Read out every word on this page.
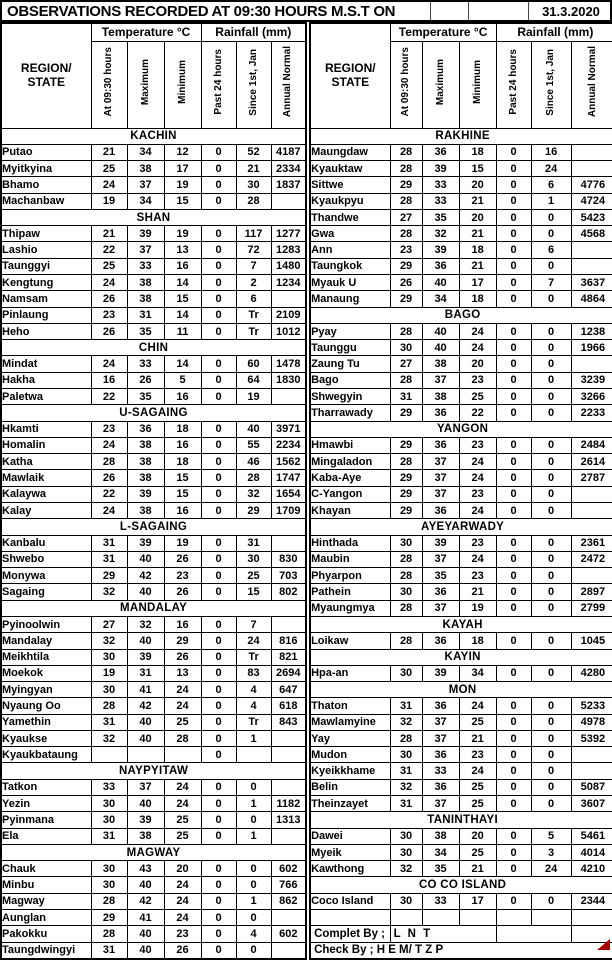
OBSERVATIONS RECORDED AT 09:30 HOURS M.S.T ON	31.3.2020
REGION/
STATE	Temperature °C			Rainfall (mm)		
	At 09:30 hours	Maximum	Minimum	Past 24 hours	Since 1st, Jan	Annual Normal
KACHIN						
Putao	21	34	12	0	52	4187
Myitkyina	25	38	17	0	21	2334
Bhamo	24	37	19	0	30	1837
Machanbaw	19	34	15	0	28	
SHAN						
Thipaw	21	39	19	0	117	1277
Lashio	22	37	13	0	72	1283
Taunggyi	25	33	16	0	7	1480
Kengtung	24	38	14	0	2	1234
Namsam	26	38	15	0	6	
Pinlaung	23	31	14	0	Tr	2109
Heho	26	35	11	0	Tr	1012
CHIN						
Mindat	24	33	14	0	60	1478
Hakha	16	26	5	0	64	1830
Paletwa	22	35	16	0	19	
U-SAGAING						
Hkamti	23	36	18	0	40	3971
Homalin	24	38	16	0	55	2234
Katha	28	38	18	0	46	1562
Mawlaik	26	38	15	0	28	1747
Kalaywa	22	39	15	0	32	1654
Kalay	24	38	16	0	29	1709
L-SAGAING						
Kanbalu	31	39	19	0	31	
Shwebo	31	40	26	0	30	830
Monywa	29	42	23	0	25	703
Sagaing	32	40	26	0	15	802
MANDALAY						
Pyinoolwin	27	32	16	0	7	
Mandalay	32	40	29	0	24	816
Meikhtila	30	39	26	0	Tr	821
Moekok	19	31	13	0	83	2694
Myingyan	30	41	24	0	4	647
Nyaung Oo	28	42	24	0	4	618
Yamethin	31	40	25	0	Tr	843
Kyaukse	32	40	28	0	1	
Kyaukbataung				0		
NAYPYITAW						
Tatkon	33	37	24	0	0	
Yezin	30	40	24	0	1	1182
Pyinmana	30	39	25	0	0	1313
Ela	31	38	25	0	1	
MAGWAY						
Chauk	30	43	20	0	0	602
Minbu	30	40	24	0	0	766
Magway	28	42	24	0	1	862
Aunglan	29	41	24	0	0	
Pakokku	28	40	23	0	4	602
Taungdwingyi	31	40	26	0	0	
REGION/
STATE	Temperature °C			Rainfall (mm)		
	At 09:30 hours	Maximum	Minimum	Past 24 hours	Since 1st, Jan	Annual Normal
RAKHINE						
Maungdaw	28	36	18	0	16	
Kyauktaw	28	39	15	0	24	
Sittwe	29	33	20	0	6	4776
Kyaukpyu	28	33	21	0	1	4724
Thandwe	27	35	20	0	0	5423
Gwa	28	32	21	0	0	4568
Ann	23	39	18	0	6	
Taungkok	29	36	21	0	0	
Myauk U	26	40	17	0	7	3637
Manaung	29	34	18	0	0	4864
BAGO						
Pyay	28	40	24	0	0	1238
Taunggu	30	40	24	0	0	1966
Zaung Tu	27	38	20	0	0	
Bago	28	37	23	0	0	3239
Shwegyin	31	38	25	0	0	3266
Tharrawady	29	36	22	0	0	2233
YANGON						
Hmawbi	29	36	23	0	0	2484
Mingaladon	28	37	24	0	0	2614
Kaba-Aye	29	37	24	0	0	2787
C-Yangon	29	37	23	0	0	
Khayan	29	36	24	0	0	
AYEYARWADY						
Hinthada	30	39	23	0	0	2361
Maubin	28	37	24	0	0	2472
Phyarpon	28	35	23	0	0	
Pathein	30	36	21	0	0	2897
Myaungmya	28	37	19	0	0	2799
KAYAH						
Loikaw	28	36	18	0	0	1045
KAYIN						
Hpa-an	30	39	34	0	0	4280
MON						
Thaton	31	36	24	0	0	5233
Mawlamyine	32	37	25	0	0	4978
Yay	28	37	21	0	0	5392
Mudon	30	36	23	0	0	
Kyeikkhame	31	33	24	0	0	
Belin	32	36	25	0	0	5087
Theinzayet	31	37	25	0	0	3607
TANINTHAYI						
Dawei	30	38	20	0	5	5461
Myeik	30	34	25	0	3	4014
Kawthong	32	35	21	0	24	4210
CO CO ISLAND						
Coco Island	30	33	17	0	0	2344

Complet By ;	L N T					
Check By ; H E M/ T Z P						
